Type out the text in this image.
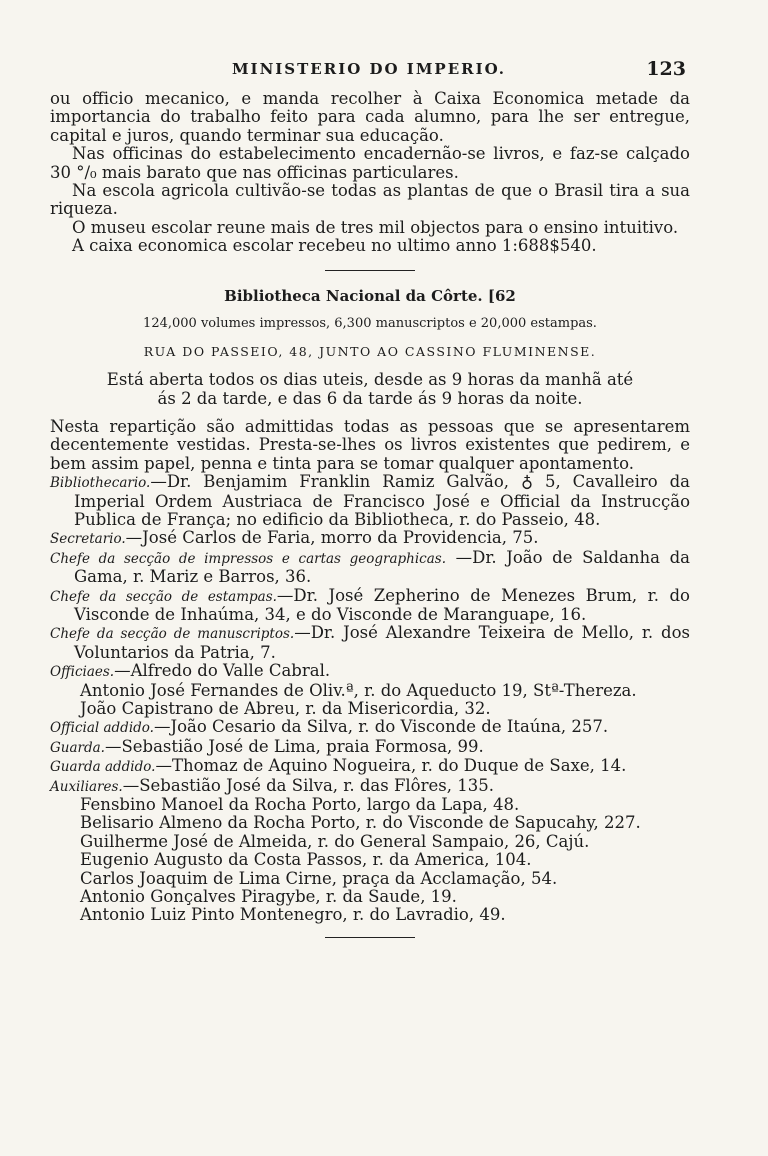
MINISTERIO DO IMPERIO.	123

ou officio mecanico, e manda recolher à Caixa Economica metade da importancia do trabalho feito para cada alumno, para lhe ser entregue, capital e juros, quando terminar sua educação.

Nas officinas do estabelecimento encadernão-se livros, e faz-se calçado 30 °/₀ mais barato que nas officinas particulares.

Na escola agricola cultivão-se todas as plantas de que o Brasil tira a sua riqueza.

O museu escolar reune mais de tres mil objectos para o ensino intuitivo.

A caixa economica escolar recebeu no ultimo anno 1:688$540.

Bibliotheca Nacional da Côrte. [62
124,000 volumes impressos, 6,300 manuscriptos e 20,000 estampas.
RUA DO PASSEIO, 48, JUNTO AO CASSINO FLUMINENSE.
Está aberta todos os dias uteis, desde as 9 horas da manhã até
ás 2 da tarde, e das 6 da tarde ás 9 horas da noite.

Nesta repartição são admittidas todas as pessoas que se apresentarem decentemente vestidas. Presta-se-lhes os livros existentes que pedirem, e bem assim papel, penna e tinta para se tomar qualquer apontamento.

Bibliothecario.—Dr. Benjamim Franklin Ramiz Galvão, ♁ 5, Cavalleiro da Imperial Ordem Austriaca de Francisco José e Official da Instrucção Publica de França; no edificio da Bibliotheca, r. do Passeio, 48.

Secretario.—José Carlos de Faria, morro da Providencia, 75.

Chefe da secção de impressos e cartas geographicas. —Dr. João de Saldanha da Gama, r. Mariz e Barros, 36.

Chefe da secção de estampas.—Dr. José Zepherino de Menezes Brum, r. do Visconde de Inhaúma, 34, e do Visconde de Maranguape, 16.

Chefe da secção de manuscriptos.—Dr. José Alexandre Teixeira de Mello, r. dos Voluntarios da Patria, 7.

Officiaes.—Alfredo do Valle Cabral.

Antonio José Fernandes de Oliv.ª, r. do Aqueducto 19, Stª-Thereza.

João Capistrano de Abreu, r. da Misericordia, 32.

Official addido.—João Cesario da Silva, r. do Visconde de Itaúna, 257.

Guarda.—Sebastião José de Lima, praia Formosa, 99.

Guarda addido.—Thomaz de Aquino Nogueira, r. do Duque de Saxe, 14.

Auxiliares.—Sebastião José da Silva, r. das Flôres, 135.

Fensbino Manoel da Rocha Porto, largo da Lapa, 48.

Belisario Almeno da Rocha Porto, r. do Visconde de Sapucahy, 227.

Guilherme José de Almeida, r. do General Sampaio, 26, Cajú.

Eugenio Augusto da Costa Passos, r. da America, 104.

Carlos Joaquim de Lima Cirne, praça da Acclamação, 54.

Antonio Gonçalves Piragybe, r. da Saude, 19.

Antonio Luiz Pinto Montenegro, r. do Lavradio, 49.
